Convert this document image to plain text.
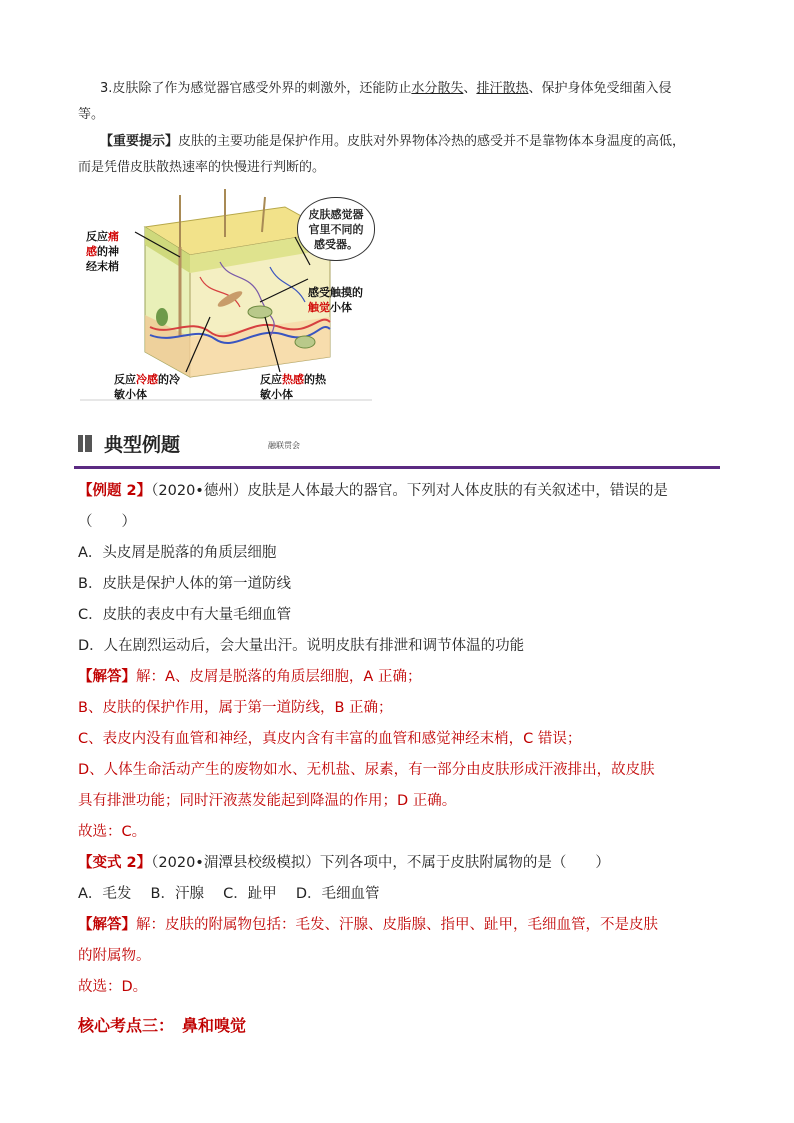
3.皮肤除了作为感觉器官感受外界的刺激外，还能防止水分散失、排汗散热、保护身体免受细菌入侵
等。
【重要提示】皮肤的主要功能是保护作用。皮肤对外界物体冷热的感受并不是靠物体本身温度的高低，
而是凭借皮肤散热速率的快慢进行判断的。
反应痛
感的神
经末梢
皮肤感觉器官里不同的感受器。
感受触摸的
触觉小体
反应冷感的冷
敏小体
反应热感的热
敏小体
典型例题	融联贯会
【例题 2】（2020•德州）皮肤是人体最大的器官。下列对人体皮肤的有关叙述中，错误的是
（　　）
A．头皮屑是脱落的角质层细胞
B．皮肤是保护人体的第一道防线
C．皮肤的表皮中有大量毛细血管
D．人在剧烈运动后，会大量出汗。说明皮肤有排泄和调节体温的功能
【解答】解：A、皮屑是脱落的角质层细胞，A 正确；
B、皮肤的保护作用，属于第一道防线，B 正确；
C、表皮内没有血管和神经，真皮内含有丰富的血管和感觉神经末梢，C 错误；
D、人体生命活动产生的废物如水、无机盐、尿素，有一部分由皮肤形成汗液排出，故皮肤
具有排泄功能；同时汗液蒸发能起到降温的作用；D 正确。
故选：C。
【变式 2】（2020•湄潭县校级模拟）下列各项中，不属于皮肤附属物的是（　　）
A．毛发　 B．汗腺　 C．趾甲　 D．毛细血管
【解答】解：皮肤的附属物包括：毛发、汗腺、皮脂腺、指甲、趾甲，毛细血管，不是皮肤
的附属物。
故选：D。
核心考点三：　鼻和嗅觉
